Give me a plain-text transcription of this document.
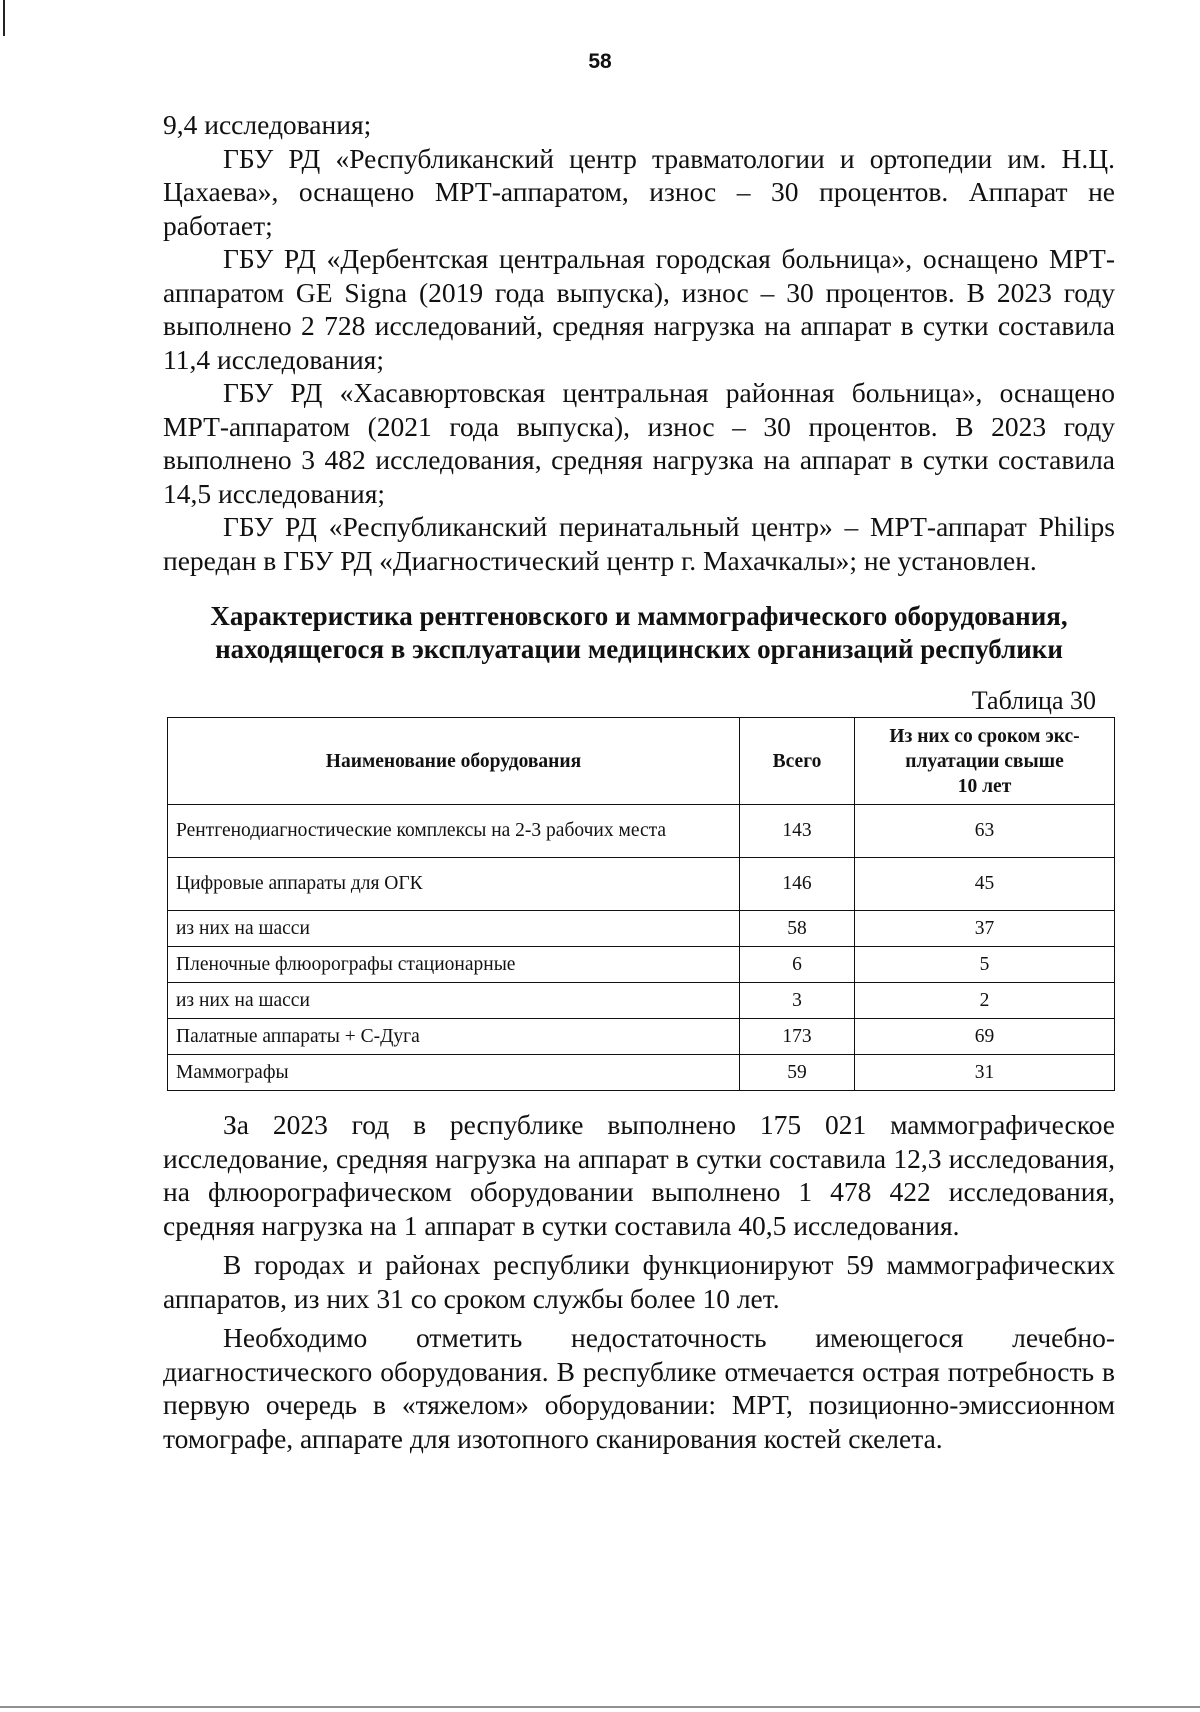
58

9,4 исследования;

ГБУ РД «Республиканский центр травматологии и ортопедии им. Н.Ц. Цахаева», оснащено МРТ-аппаратом, износ – 30 процентов. Аппарат не работает;

ГБУ РД «Дербентская центральная городская больница», оснащено МРТ-аппаратом GE Signa (2019 года выпуска), износ – 30 процентов. В 2023 году выполнено 2 728 исследований, средняя нагрузка на аппарат в сутки составила 11,4 исследования;

ГБУ РД «Хасавюртовская центральная районная больница», оснащено МРТ-аппаратом (2021 года выпуска), износ – 30 процентов. В 2023 году выполнено 3 482 исследования, средняя нагрузка на аппарат в сутки составила 14,5 исследования;

ГБУ РД «Республиканский перинатальный центр» – МРТ-аппарат Philips передан в ГБУ РД «Диагностический центр г. Махачкалы»; не установлен.

Характеристика рентгеновского и маммографического оборудования,
находящегося в эксплуатации медицинских организаций республики
Таблица 30
Наименование оборудования	Всего	Из них со сроком экс-
плуатации свыше
10 лет

Рентгенодиагностические комплексы на 2-3 рабочих места	143	63
Цифровые аппараты для ОГК	146	45
из них на шасси	58	37
Пленочные флюорографы стационарные	6	5
из них на шасси	3	2
Палатные аппараты + С-Дуга	173	69
Маммографы	59	31

За 2023 год в республике выполнено 175 021 маммографическое исследование, средняя нагрузка на аппарат в сутки составила 12,3 исследования, на флюорографическом оборудовании выполнено 1 478 422 исследования, средняя нагрузка на 1 аппарат в сутки составила 40,5 исследования.

В городах и районах республики функционируют 59 маммографических аппаратов, из них 31 со сроком службы более 10 лет.

Необходимо отметить недостаточность имеющегося лечебно-диагностического оборудования. В республике отмечается острая потребность в первую очередь в «тяжелом» оборудовании: МРТ, позиционно-эмиссионном томографе, аппарате для изотопного сканирования костей скелета.
